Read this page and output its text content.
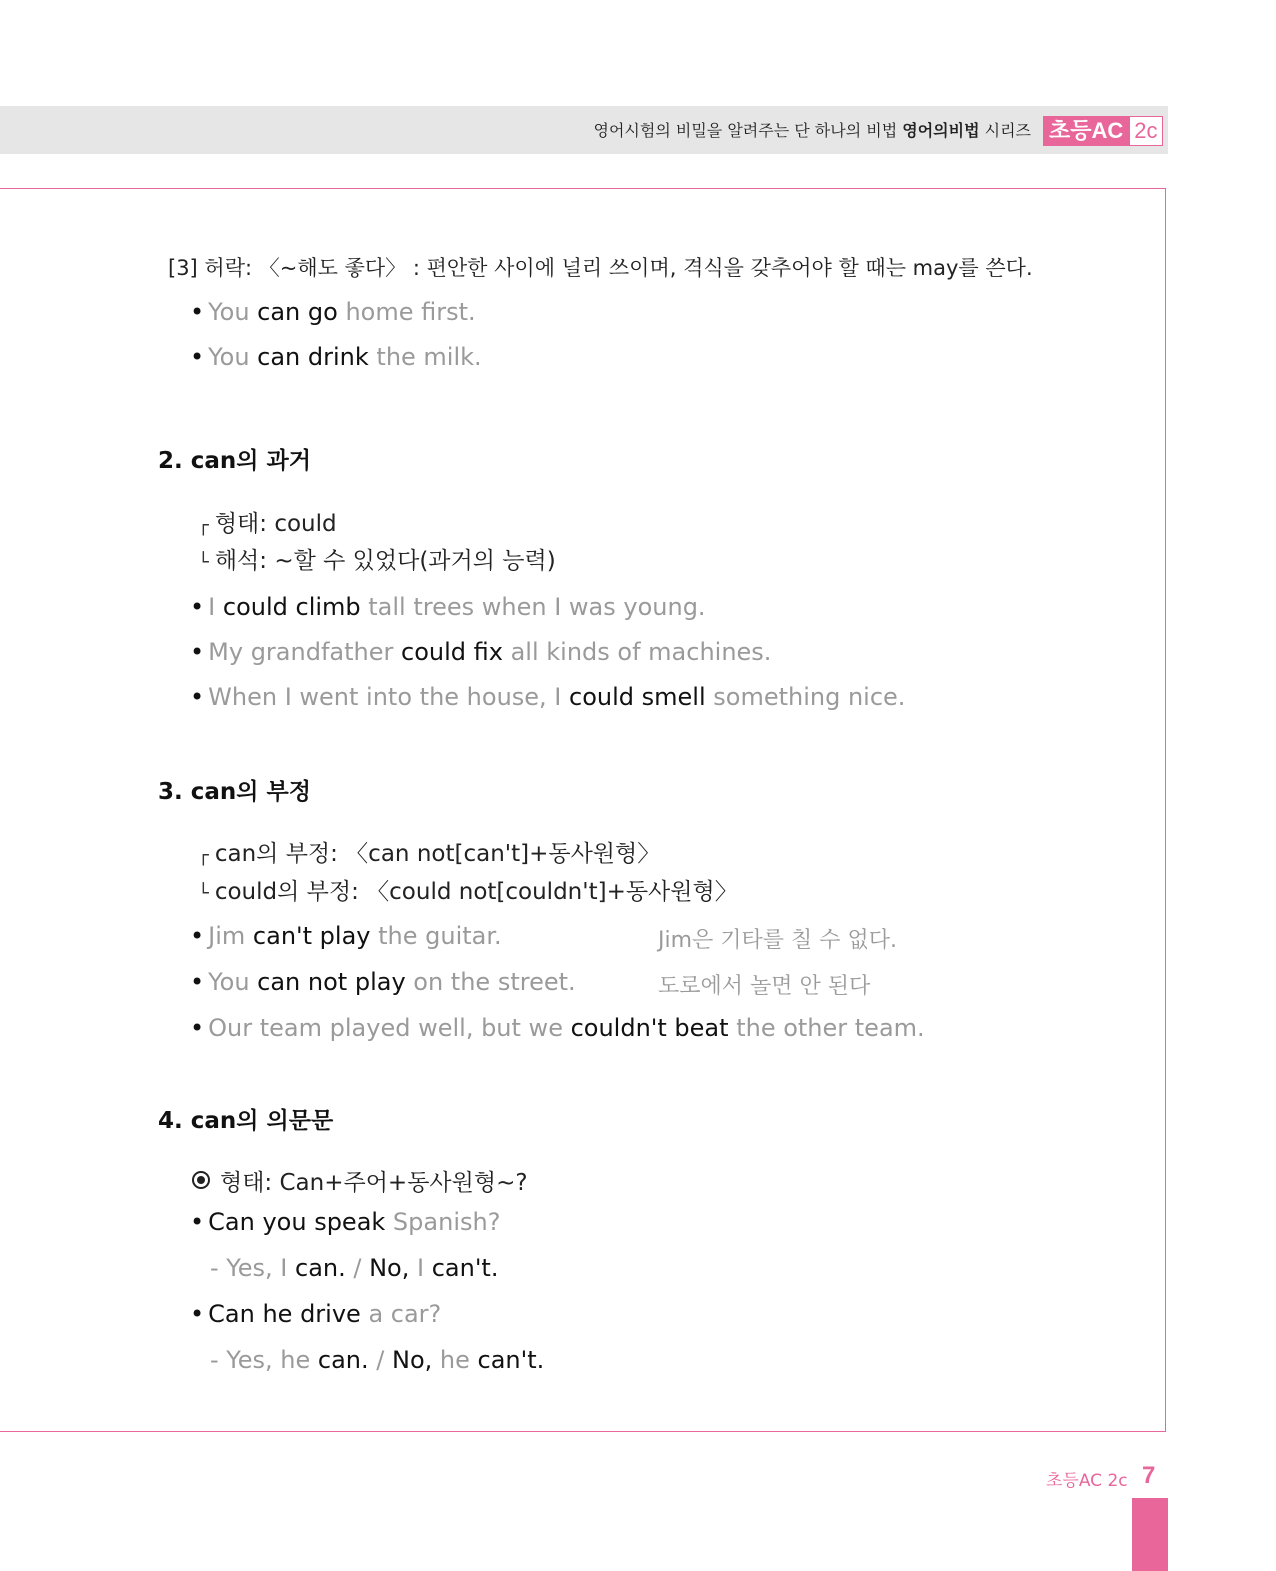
영어시험의 비밀을 알려주는 단 하나의 비법 영어의비법 시리즈 초등AC 2c
[3] 허락: 〈~해도 좋다〉 : 편안한 사이에 널리 쓰이며, 격식을 갖추어야 할 때는 may를 쓴다.
• You can go home first.
• You can drink the milk.
2. can의 과거
┌ 형태: could
└ 해석: ~할 수 있었다(과거의 능력)
• I could climb tall trees when I was young.
• My grandfather could fix all kinds of machines.
• When I went into the house, I could smell something nice.
3. can의 부정
┌ can의 부정: 〈can not[can't]+동사원형〉
└ could의 부정: 〈could not[couldn't]+동사원형〉
• Jim can't play the guitar.	Jim은 기타를 칠 수 없다.
• You can not play on the street.	도로에서 놀면 안 된다
• Our team played well, but we couldn't beat the other team.
4. can의 의문문
형태: Can+주어+동사원형~?
• Can you speak Spanish?
- Yes, I can. / No, I can't.
• Can he drive a car?
- Yes, he can. / No, he can't.
초등AC 2c 7
